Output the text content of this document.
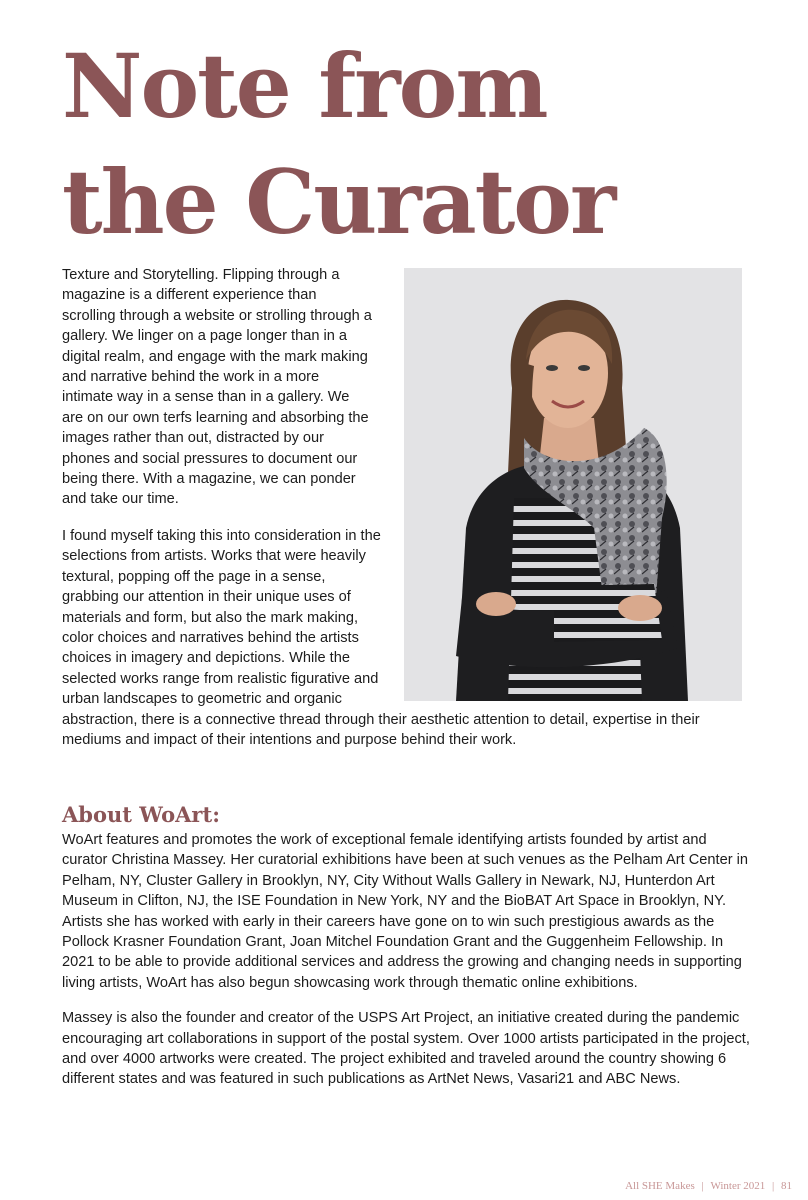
Note from
the Curator

Texture and Storytelling. Flipping through a magazine is a different experience than scrolling through a website or strolling through a gallery. We linger on a page longer than in a digital realm, and engage with the mark making and narrative behind the work in a more intimate way in a sense than in a gallery. We are on our own terfs learning and absorbing the images rather than out, distracted by our phones and social pressures to document our being there. With a magazine, we can ponder and take our time.

I found myself taking this into consideration in the selections from artists. Works that were heavily textural, popping off the page in a sense, grabbing our attention in their unique uses of materials and form, but also the mark making, color choices and narratives behind the artists choices in imagery and depictions. While the selected works range from realistic figurative and urban landscapes to geometric and organic abstraction, there is a connective thread through their aesthetic attention to detail, expertise in their mediums and impact of their intentions and purpose behind their work.

About WoArt:

WoArt features and promotes the work of exceptional female identifying artists founded by artist and curator Christina Massey. Her curatorial exhibitions have been at such venues as the Pelham Art Center in Pelham, NY, Cluster Gallery in Brooklyn, NY, City Without Walls Gallery in Newark, NJ, Hunterdon Art Museum in Clifton, NJ, the ISE Foundation in New York, NY and the BioBAT Art Space in Brooklyn, NY. Artists she has worked with early in their careers have gone on to win such prestigious awards as the Pollock Krasner Foundation Grant, Joan Mitchel Foundation Grant and the Guggenheim Fellowship. In 2021 to be able to provide additional services and address the growing and changing needs in supporting living artists, WoArt has also begun showcasing work through thematic online exhibitions.

Massey is also the founder and creator of the USPS Art Project, an initiative created during the pandemic encouraging art collaborations in support of the postal system. Over 1000 artists participated in the project, and over 4000 artworks were created. The project exhibited and traveled around the country showing 6 different states and was featured in such publications as ArtNet News, Vasari21 and ABC News.

All SHE Makes | Winter 2021 | 81
